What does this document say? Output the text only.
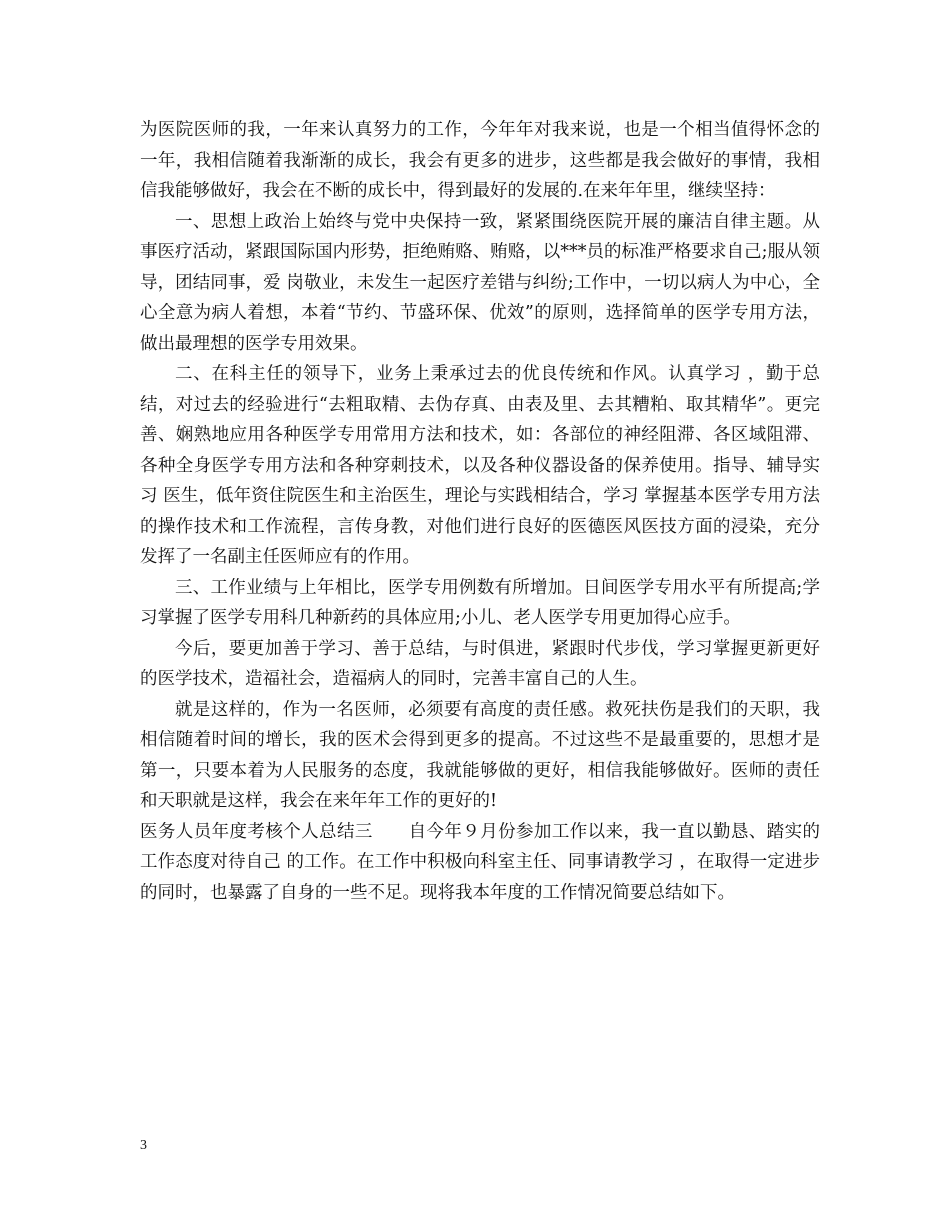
为医院医师的我，一年来认真努力的工作，今年年对我来说，也是一个相当值得怀念的一年，我相信随着我渐渐的成长，我会有更多的进步，这些都是我会做好的事情，我相信我能够做好，我会在不断的成长中，得到最好的发展的.在来年年里，继续坚持：

一、思想上政治上始终与党中央保持一致，紧紧围绕医院开展的廉洁自律主题。从事医疗活动，紧跟国际国内形势，拒绝贿赂、贿赂，以***员的标准严格要求自己;服从领导，团结同事，爱 岗敬业，未发生一起医疗差错与纠纷;工作中，一切以病人为中心，全心全意为病人着想，本着“节约、节盛环保、优效”的原则，选择简单的医学专用方法，做出最理想的医学专用效果。

二、在科主任的领导下，业务上秉承过去的优良传统和作风。认真学习 ，勤于总结，对过去的经验进行“去粗取精、去伪存真、由表及里、去其糟粕、取其精华”。更完善、娴熟地应用各种医学专用常用方法和技术，如：各部位的神经阻滞、各区域阻滞、各种全身医学专用方法和各种穿刺技术，以及各种仪器设备的保养使用。指导、辅导实习 医生，低年资住院医生和主治医生，理论与实践相结合，学习 掌握基本医学专用方法的操作技术和工作流程，言传身教，对他们进行良好的医德医风医技方面的浸染，充分发挥了一名副主任医师应有的作用。

三、工作业绩与上年相比，医学专用例数有所增加。日间医学专用水平有所提高;学习掌握了医学专用科几种新药的具体应用;小儿、老人医学专用更加得心应手。

今后，要更加善于学习、善于总结，与时俱进，紧跟时代步伐，学习掌握更新更好的医学技术，造福社会，造福病人的同时，完善丰富自己的人生。

就是这样的，作为一名医师，必须要有高度的责任感。救死扶伤是我们的天职，我相信随着时间的增长，我的医术会得到更多的提高。不过这些不是最重要的，思想才是第一，只要本着为人民服务的态度，我就能够做的更好，相信我能够做好。医师的责任和天职就是这样，我会在来年年工作的更好的!

医务人员年度考核个人总结三　　自今年９月份参加工作以来，我一直以勤恳、踏实的工作态度对待自己 的工作。在工作中积极向科室主任、同事请教学习 ，在取得一定进步的同时，也暴露了自身的一些不足。现将我本年度的工作情况简要总结如下。

3
